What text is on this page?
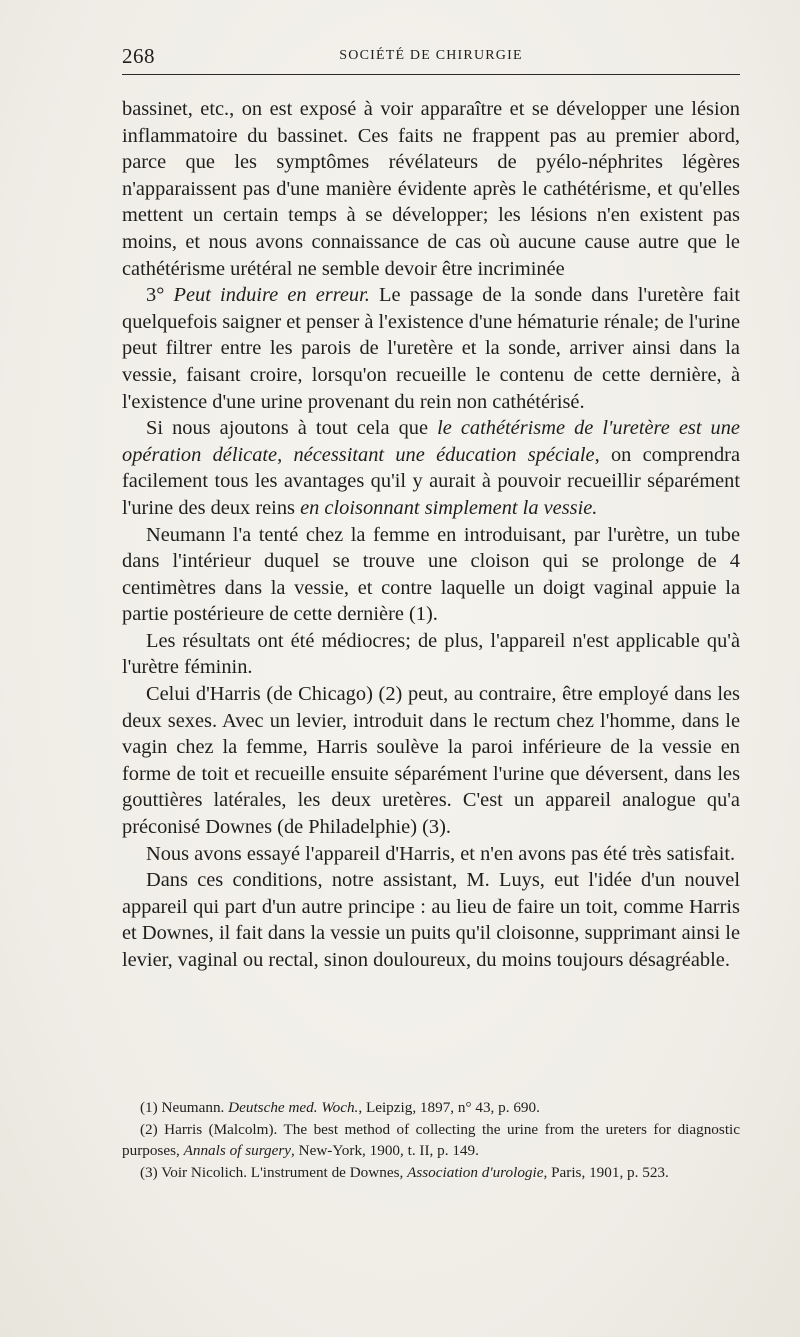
268	SOCIÉTÉ DE CHIRURGIE

bassinet, etc., on est exposé à voir apparaître et se développer une lésion inflammatoire du bassinet. Ces faits ne frappent pas au premier abord, parce que les symptômes révélateurs de pyélo-néphrites légères n'apparaissent pas d'une manière évidente après le cathétérisme, et qu'elles mettent un certain temps à se développer; les lésions n'en existent pas moins, et nous avons connaissance de cas où aucune cause autre que le cathétérisme urétéral ne semble devoir être incriminée

3° Peut induire en erreur. Le passage de la sonde dans l'uretère fait quelquefois saigner et penser à l'existence d'une hématurie rénale; de l'urine peut filtrer entre les parois de l'uretère et la sonde, arriver ainsi dans la vessie, faisant croire, lorsqu'on recueille le contenu de cette dernière, à l'existence d'une urine provenant du rein non cathétérisé.

Si nous ajoutons à tout cela que le cathétérisme de l'uretère est une opération délicate, nécessitant une éducation spéciale, on comprendra facilement tous les avantages qu'il y aurait à pouvoir recueillir séparément l'urine des deux reins en cloisonnant simplement la vessie.

Neumann l'a tenté chez la femme en introduisant, par l'urètre, un tube dans l'intérieur duquel se trouve une cloison qui se prolonge de 4 centimètres dans la vessie, et contre laquelle un doigt vaginal appuie la partie postérieure de cette dernière (1).

Les résultats ont été médiocres; de plus, l'appareil n'est applicable qu'à l'urètre féminin.

Celui d'Harris (de Chicago) (2) peut, au contraire, être employé dans les deux sexes. Avec un levier, introduit dans le rectum chez l'homme, dans le vagin chez la femme, Harris soulève la paroi inférieure de la vessie en forme de toit et recueille ensuite séparément l'urine que déversent, dans les gouttières latérales, les deux uretères. C'est un appareil analogue qu'a préconisé Downes (de Philadelphie) (3).

Nous avons essayé l'appareil d'Harris, et n'en avons pas été très satisfait.

Dans ces conditions, notre assistant, M. Luys, eut l'idée d'un nouvel appareil qui part d'un autre principe : au lieu de faire un toit, comme Harris et Downes, il fait dans la vessie un puits qu'il cloisonne, supprimant ainsi le levier, vaginal ou rectal, sinon douloureux, du moins toujours désagréable.

(1) Neumann. Deutsche med. Woch., Leipzig, 1897, n° 43, p. 690.

(2) Harris (Malcolm). The best method of collecting the urine from the ureters for diagnostic purposes, Annals of surgery, New-York, 1900, t. II, p. 149.

(3) Voir Nicolich. L'instrument de Downes, Association d'urologie, Paris, 1901, p. 523.
